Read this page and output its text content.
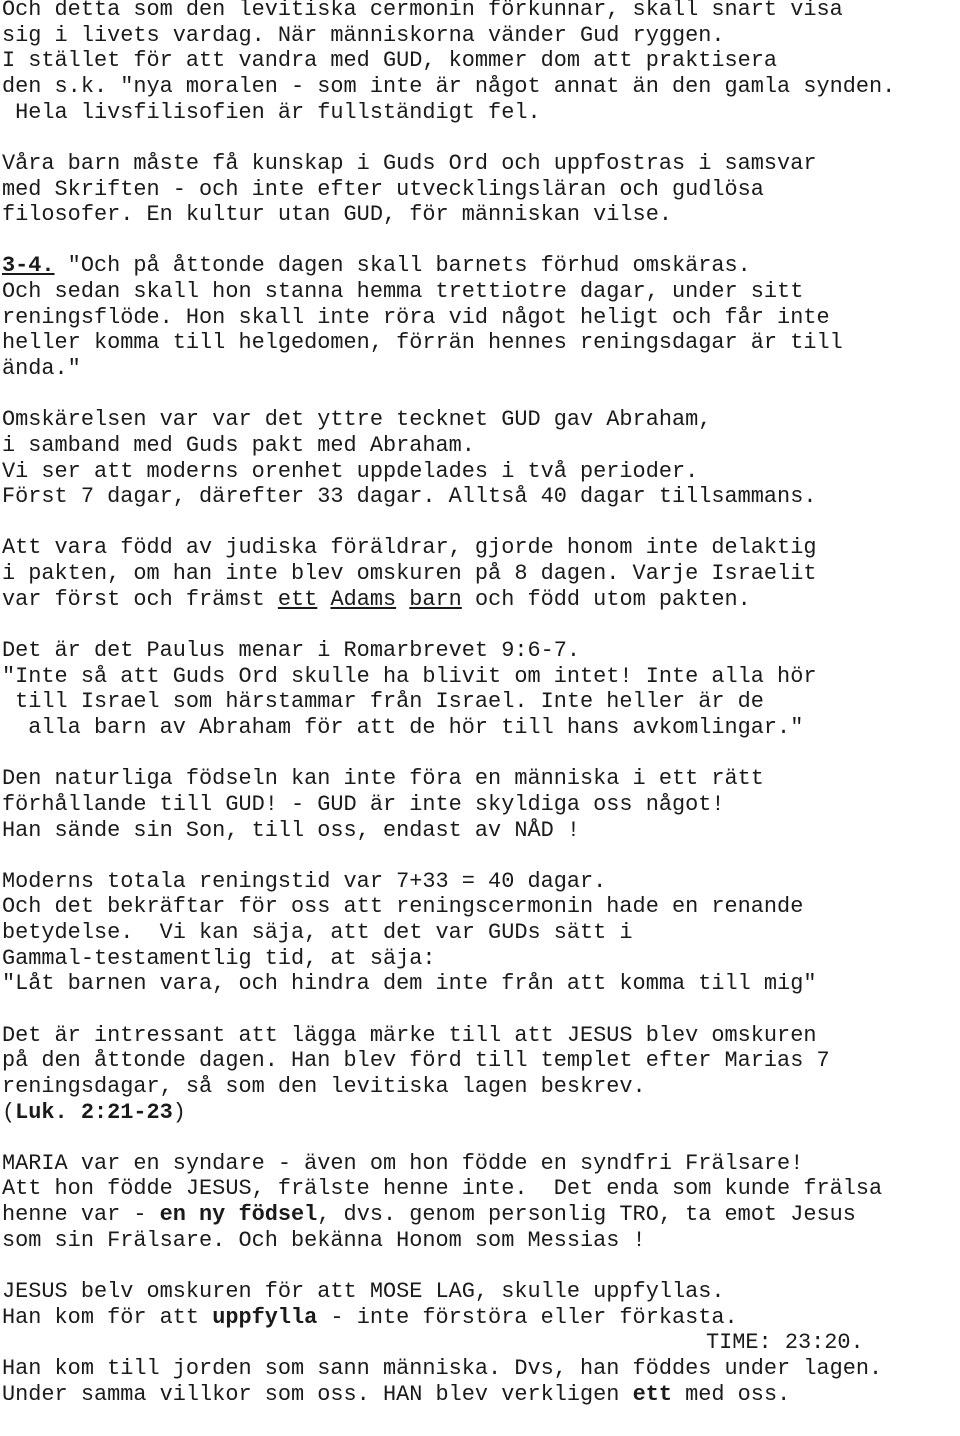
Och detta som den levitiska cermonin förkunnar, skall snart visa

sig i livets vardag. När människorna vänder Gud ryggen.

I stället för att vandra med GUD, kommer dom att praktisera

den s.k. "nya moralen - som inte är något annat än den gamla synden.

Hela livsfilisofien är fullständigt fel.

Våra barn måste få kunskap i Guds Ord och uppfostras i samsvar

med Skriften - och inte efter utvecklingsläran och gudlösa

filosofer. En kultur utan GUD, för människan vilse.

3-4. "Och på åttonde dagen skall barnets förhud omskäras.

Och sedan skall hon stanna hemma trettiotre dagar, under sitt

reningsflöde. Hon skall inte röra vid något heligt och får inte

heller komma till helgedomen, förrän hennes reningsdagar är till

ända."

Omskärelsen var var det yttre tecknet GUD gav Abraham,

i samband med Guds pakt med Abraham.

Vi ser att moderns orenhet uppdelades i två perioder.

Först 7 dagar, därefter 33 dagar. Alltså 40 dagar tillsammans.

Att vara född av judiska föräldrar, gjorde honom inte delaktig

i pakten, om han inte blev omskuren på 8 dagen. Varje Israelit

var först och främst ett Adams barn och född utom pakten.

Det är det Paulus menar i Romarbrevet 9:6-7.

"Inte så att Guds Ord skulle ha blivit om intet! Inte alla hör

till Israel som härstammar från Israel. Inte heller är de

alla barn av Abraham för att de hör till hans avkomlingar."

Den naturliga födseln kan inte föra en människa i ett rätt

förhållande till GUD! - GUD är inte skyldiga oss något!

Han sände sin Son, till oss, endast av NÅD !

Moderns totala reningstid var 7+33 = 40 dagar.

Och det bekräftar för oss att reningscermonin hade en renande

betydelse.  Vi kan säja, att det var GUDs sätt i

Gammal-testamentlig tid, at säja:

"Låt barnen vara, och hindra dem inte från att komma till mig"

Det är intressant att lägga märke till att JESUS blev omskuren

på den åttonde dagen. Han blev förd till templet efter Marias 7

reningsdagar, så som den levitiska lagen beskrev.

(Luk. 2:21-23)

MARIA var en syndare - även om hon födde en syndfri Frälsare!

Att hon födde JESUS, frälste henne inte.  Det enda som kunde frälsa

henne var - en ny födsel, dvs. genom personlig TRO, ta emot Jesus

som sin Frälsare. Och bekänna Honom som Messias !

JESUS belv omskuren för att MOSE LAG, skulle uppfyllas.

Han kom för att uppfylla - inte förstöra eller förkasta.

TIME: 23:20.

Han kom till jorden som sann människa. Dvs, han föddes under lagen.

Under samma villkor som oss. HAN blev verkligen ett med oss.
